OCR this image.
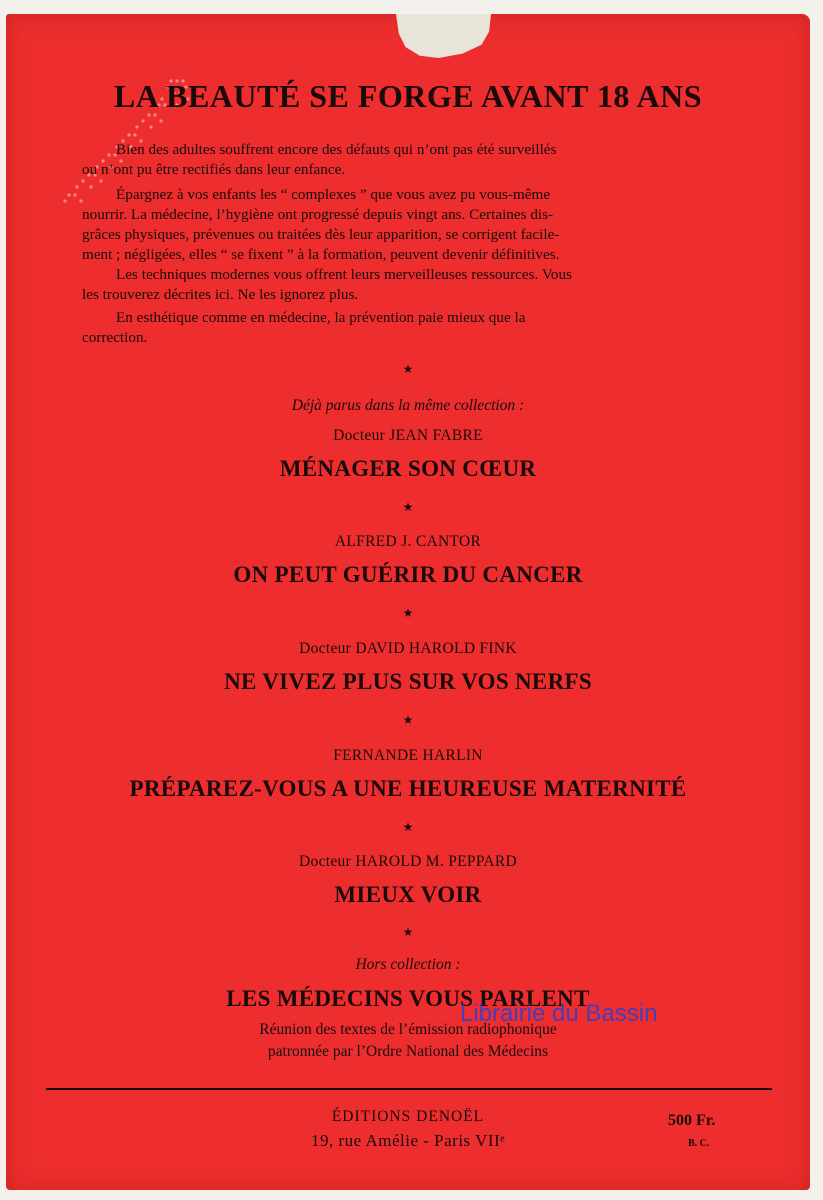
LA BEAUTÉ SE FORGE AVANT 18 ANS
Bien des adultes souffrent encore des défauts qui n’ont pas été surveillés
ou n’ont pu être rectifiés dans leur enfance.
Épargnez à vos enfants les “ complexes ” que vous avez pu vous-même
nourrir. La médecine, l’hygiène ont progressé depuis vingt ans. Certaines dis-
grâces physiques, prévenues ou traitées dès leur apparition, se corrigent facile-
ment ; négligées, elles “ se fixent ” à la formation, peuvent devenir définitives.
Les techniques modernes vous offrent leurs merveilleuses ressources. Vous
les trouverez décrites ici. Ne les ignorez plus.
En esthétique comme en médecine, la prévention paie mieux que la
correction.
★
Déjà parus dans la même collection :
Docteur JEAN FABRE
MÉNAGER SON CŒUR
★
ALFRED J. CANTOR
ON PEUT GUÉRIR DU CANCER
★
Docteur DAVID HAROLD FINK
NE VIVEZ PLUS SUR VOS NERFS
★
FERNANDE HARLIN
PRÉPAREZ-VOUS A UNE HEUREUSE MATERNITÉ
★
Docteur HAROLD M. PEPPARD
MIEUX VOIR
★
Hors collection :
LES MÉDECINS VOUS PARLENT
Réunion des textes de l’émission radiophonique
patronnée par l’Ordre National des Médecins
ÉDITIONS DENOËL
19, rue Amélie - Paris VIIᵉ
500 Fr.
B. C.
Librairie du Bassin
